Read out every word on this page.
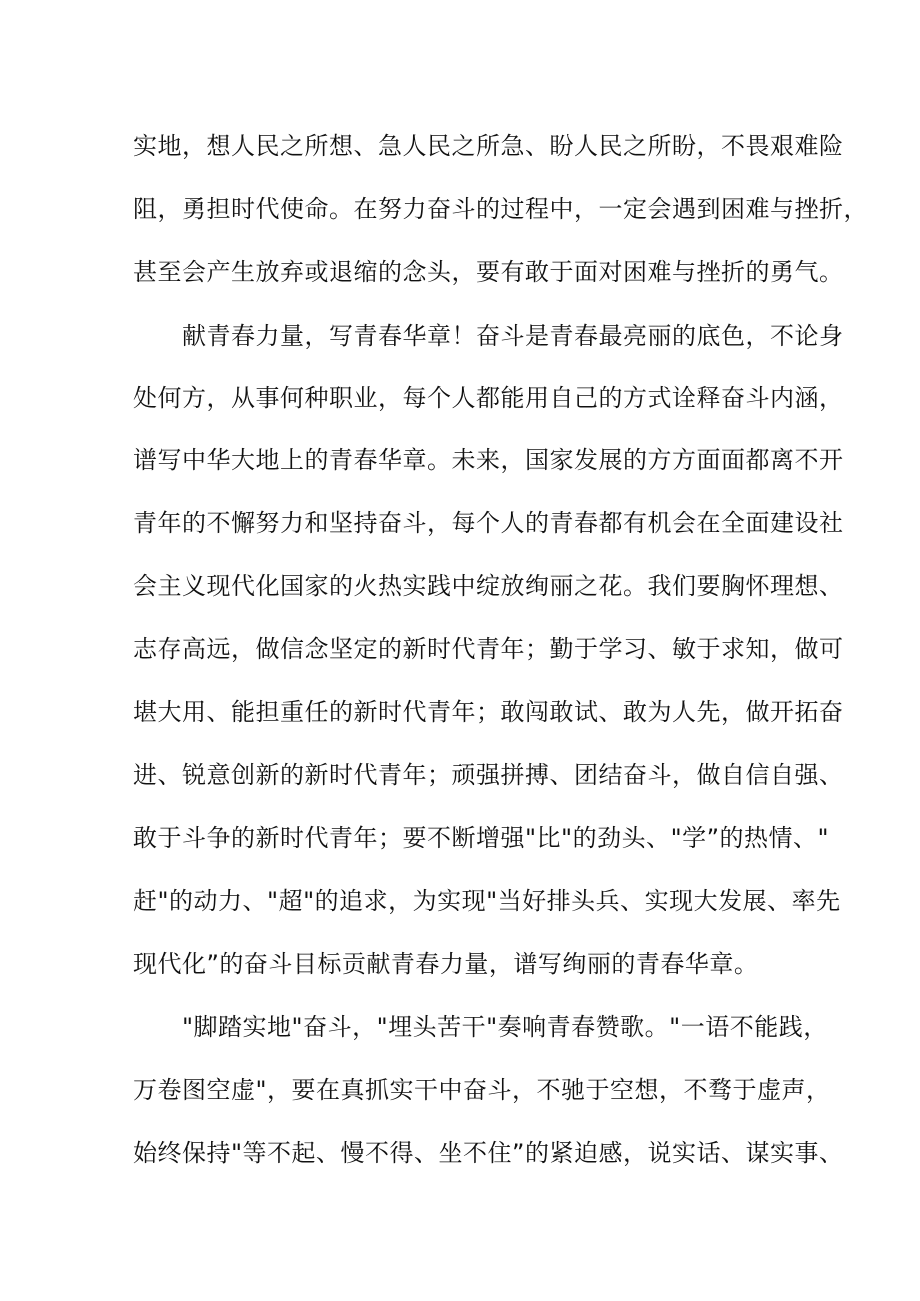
实地，想人民之所想、急人民之所急、盼人民之所盼，不畏艰难险
阻，勇担时代使命。在努力奋斗的过程中，一定会遇到困难与挫折，
甚至会产生放弃或退缩的念头，要有敢于面对困难与挫折的勇气。
献青春力量，写青春华章！奋斗是青春最亮丽的底色，不论身
处何方，从事何种职业，每个人都能用自己的方式诠释奋斗内涵，
谱写中华大地上的青春华章。未来，国家发展的方方面面都离不开
青年的不懈努力和坚持奋斗，每个人的青春都有机会在全面建设社
会主义现代化国家的火热实践中绽放绚丽之花。我们要胸怀理想、
志存高远，做信念坚定的新时代青年；勤于学习、敏于求知，做可
堪大用、能担重任的新时代青年；敢闯敢试、敢为人先，做开拓奋
进、锐意创新的新时代青年；顽强拼搏、团结奋斗，做自信自强、
敢于斗争的新时代青年；要不断增强"比"的劲头、"学”的热情、"
赶"的动力、"超"的追求，为实现"当好排头兵、实现大发展、率先
现代化”的奋斗目标贡献青春力量，谱写绚丽的青春华章。
"脚踏实地"奋斗，"埋头苦干"奏响青春赞歌。"一语不能践，
万卷图空虚"，要在真抓实干中奋斗，不驰于空想，不骛于虚声，
始终保持"等不起、慢不得、坐不住”的紧迫感，说实话、谋实事、
